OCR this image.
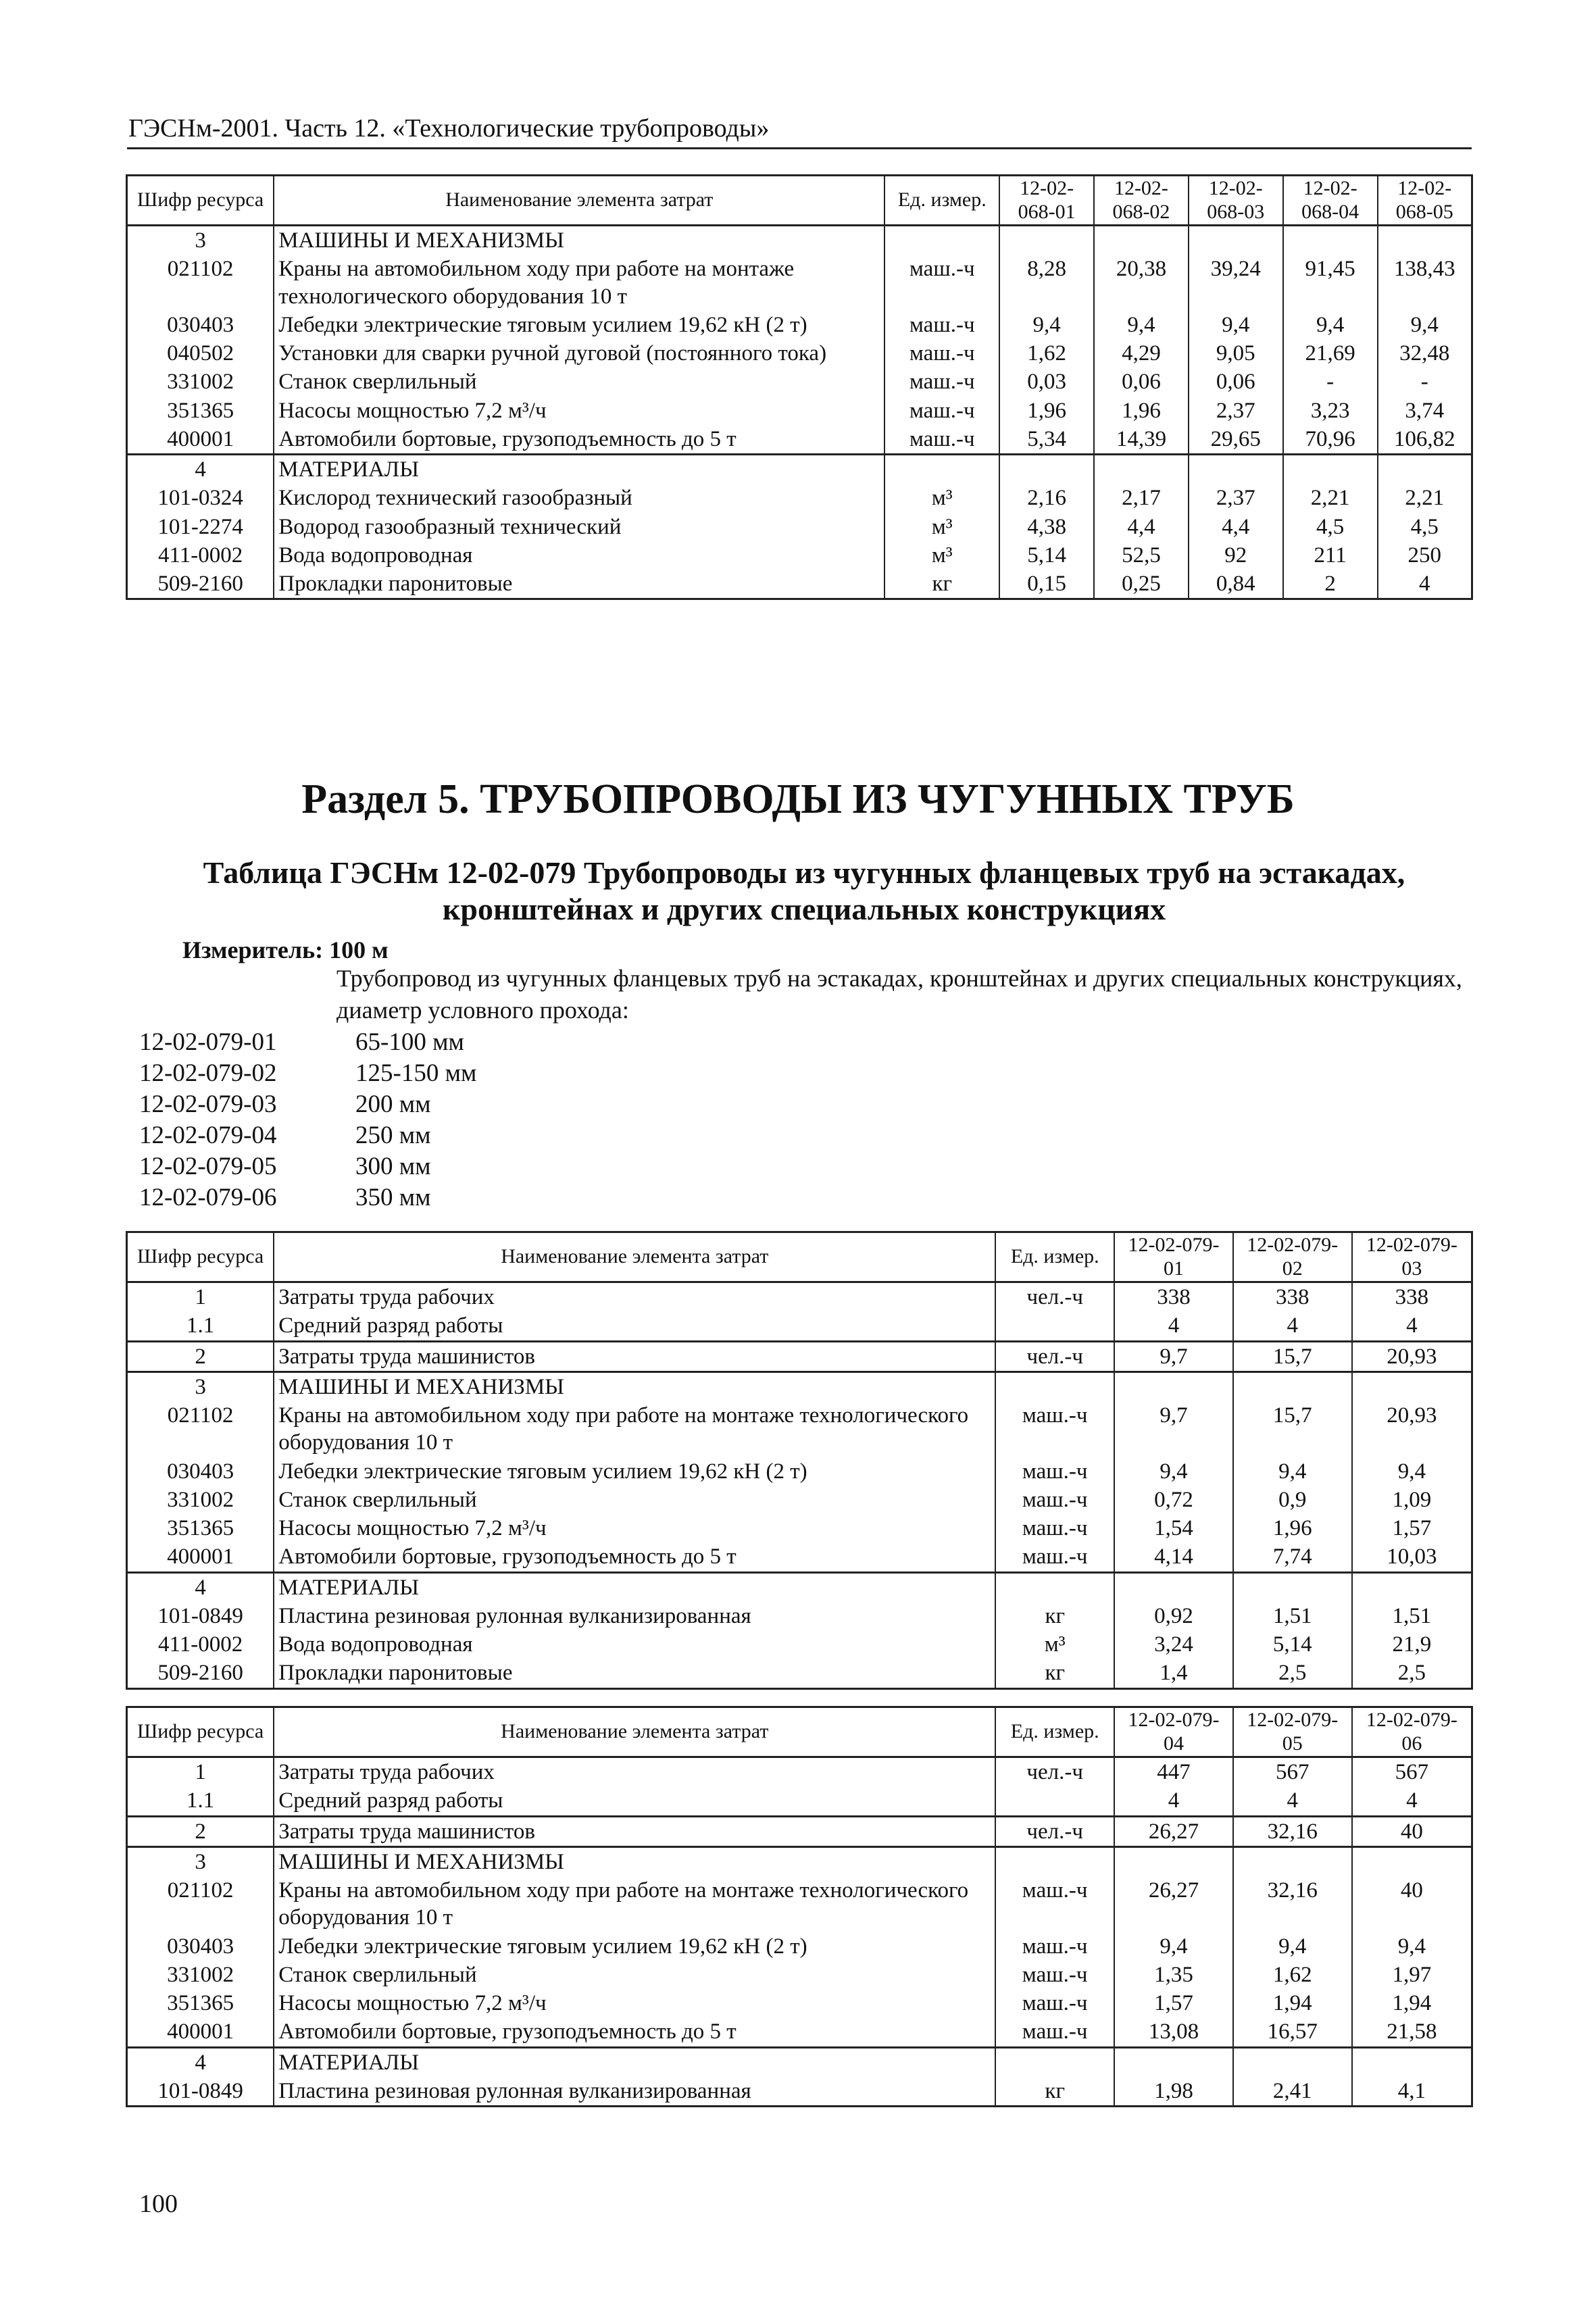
ГЭСНм-2001. Часть 12. «Технологические трубопроводы»
Шифр ресурса	Наименование элемента затрат	Ед. измер.	12-02-068-01	12-02-068-02	12-02-068-03	12-02-068-04	12-02-068-05
3	МАШИНЫ И МЕХАНИЗМЫ						
021102	Краны на автомобильном ходу при работе на монтаже технологического оборудования 10 т	маш.-ч	8,28	20,38	39,24	91,45	138,43
030403	Лебедки электрические тяговым усилием 19,62 кН (2 т)	маш.-ч	9,4	9,4	9,4	9,4	9,4
040502	Установки для сварки ручной дуговой (постоянного тока)	маш.-ч	1,62	4,29	9,05	21,69	32,48
331002	Станок сверлильный	маш.-ч	0,03	0,06	0,06	-	-
351365	Насосы мощностью 7,2 м³/ч	маш.-ч	1,96	1,96	2,37	3,23	3,74
400001	Автомобили бортовые, грузоподъемность до 5 т	маш.-ч	5,34	14,39	29,65	70,96	106,82
4	МАТЕРИАЛЫ						
101-0324	Кислород технический газообразный	м³	2,16	2,17	2,37	2,21	2,21
101-2274	Водород газообразный технический	м³	4,38	4,4	4,4	4,5	4,5
411-0002	Вода водопроводная	м³	5,14	52,5	92	211	250
509-2160	Прокладки паронитовые	кг	0,15	0,25	0,84	2	4
Раздел 5. ТРУБОПРОВОДЫ ИЗ ЧУГУННЫХ ТРУБ
Таблица ГЭСНм 12-02-079 Трубопроводы из чугунных фланцевых труб на эстакадах, кронштейнах и других специальных конструкциях
Измеритель: 100 м
Трубопровод из чугунных фланцевых труб на эстакадах, кронштейнах и других специальных конструкциях, диаметр условного прохода:
12-02-079-01	65-100 мм
12-02-079-02	125-150 мм
12-02-079-03	200 мм
12-02-079-04	250 мм
12-02-079-05	300 мм
12-02-079-06	350 мм
Шифр ресурса	Наименование элемента затрат	Ед. измер.	12-02-079-01	12-02-079-02	12-02-079-03
1	Затраты труда рабочих	чел.-ч	338	338	338
1.1	Средний разряд работы		4	4	4
2	Затраты труда машинистов	чел.-ч	9,7	15,7	20,93
3	МАШИНЫ И МЕХАНИЗМЫ				
021102	Краны на автомобильном ходу при работе на монтаже технологического оборудования 10 т	маш.-ч	9,7	15,7	20,93
030403	Лебедки электрические тяговым усилием 19,62 кН (2 т)	маш.-ч	9,4	9,4	9,4
331002	Станок сверлильный	маш.-ч	0,72	0,9	1,09
351365	Насосы мощностью 7,2 м³/ч	маш.-ч	1,54	1,96	1,57
400001	Автомобили бортовые, грузоподъемность до 5 т	маш.-ч	4,14	7,74	10,03
4	МАТЕРИАЛЫ				
101-0849	Пластина резиновая рулонная вулканизированная	кг	0,92	1,51	1,51
411-0002	Вода водопроводная	м³	3,24	5,14	21,9
509-2160	Прокладки паронитовые	кг	1,4	2,5	2,5
Шифр ресурса	Наименование элемента затрат	Ед. измер.	12-02-079-04	12-02-079-05	12-02-079-06
1	Затраты труда рабочих	чел.-ч	447	567	567
1.1	Средний разряд работы		4	4	4
2	Затраты труда машинистов	чел.-ч	26,27	32,16	40
3	МАШИНЫ И МЕХАНИЗМЫ				
021102	Краны на автомобильном ходу при работе на монтаже технологического оборудования 10 т	маш.-ч	26,27	32,16	40
030403	Лебедки электрические тяговым усилием 19,62 кН (2 т)	маш.-ч	9,4	9,4	9,4
331002	Станок сверлильный	маш.-ч	1,35	1,62	1,97
351365	Насосы мощностью 7,2 м³/ч	маш.-ч	1,57	1,94	1,94
400001	Автомобили бортовые, грузоподъемность до 5 т	маш.-ч	13,08	16,57	21,58
4	МАТЕРИАЛЫ				
101-0849	Пластина резиновая рулонная вулканизированная	кг	1,98	2,41	4,1
100
